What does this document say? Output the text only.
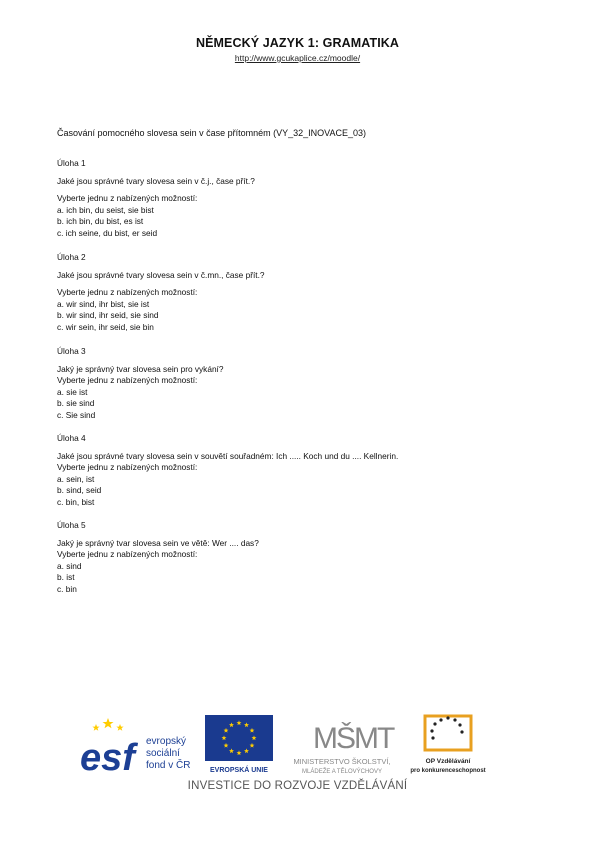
NĚMECKÝ JAZYK 1: GRAMATIKA
http://www.gcukaplice.cz/moodle/
Časování pomocného slovesa sein v čase přítomném (VY_32_INOVACE_03)
Úloha 1
Jaké jsou správné tvary slovesa sein v č.j., čase přít.?
Vyberte jednu z nabízených možností:
a. ich bin, du seist, sie bist
b. ich bin, du bist, es ist
c. ich seine, du bist, er seid
Úloha 2
Jaké jsou správné tvary slovesa sein v č.mn., čase přít.?
Vyberte jednu z nabízených možností:
a. wir sind, ihr bist, sie ist
b. wir sind, ihr seid, sie sind
c. wir sein, ihr seid, sie bin
Úloha 3
Jaký je správný tvar slovesa sein pro vykání?
Vyberte jednu z nabízených možností:
a. sie ist
b. sie sind
c. Sie sind
Úloha 4
Jaké jsou správné tvary slovesa sein v souvětí souřadném: Ich ..... Koch und du .... Kellnerin.
Vyberte jednu z nabízených možností:
a. sein, ist
b. sind, seid
c. bin, bist
Úloha 5
Jaký je správný tvar slovesa sein ve větě: Wer .... das?
Vyberte jednu z nabízených možností:
a. sind
b. ist
c. bin
esf	evropský
sociální
fond v ČR	EVROPSKÁ UNIE
MŠMT
MINISTERSTVO ŠKOLSTVÍ,
MLÁDEŽE A TĚLOVÝCHOVY
OP Vzdělávání
pro konkurenceschopnost
INVESTICE DO ROZVOJE VZDĚLÁVÁNÍ
